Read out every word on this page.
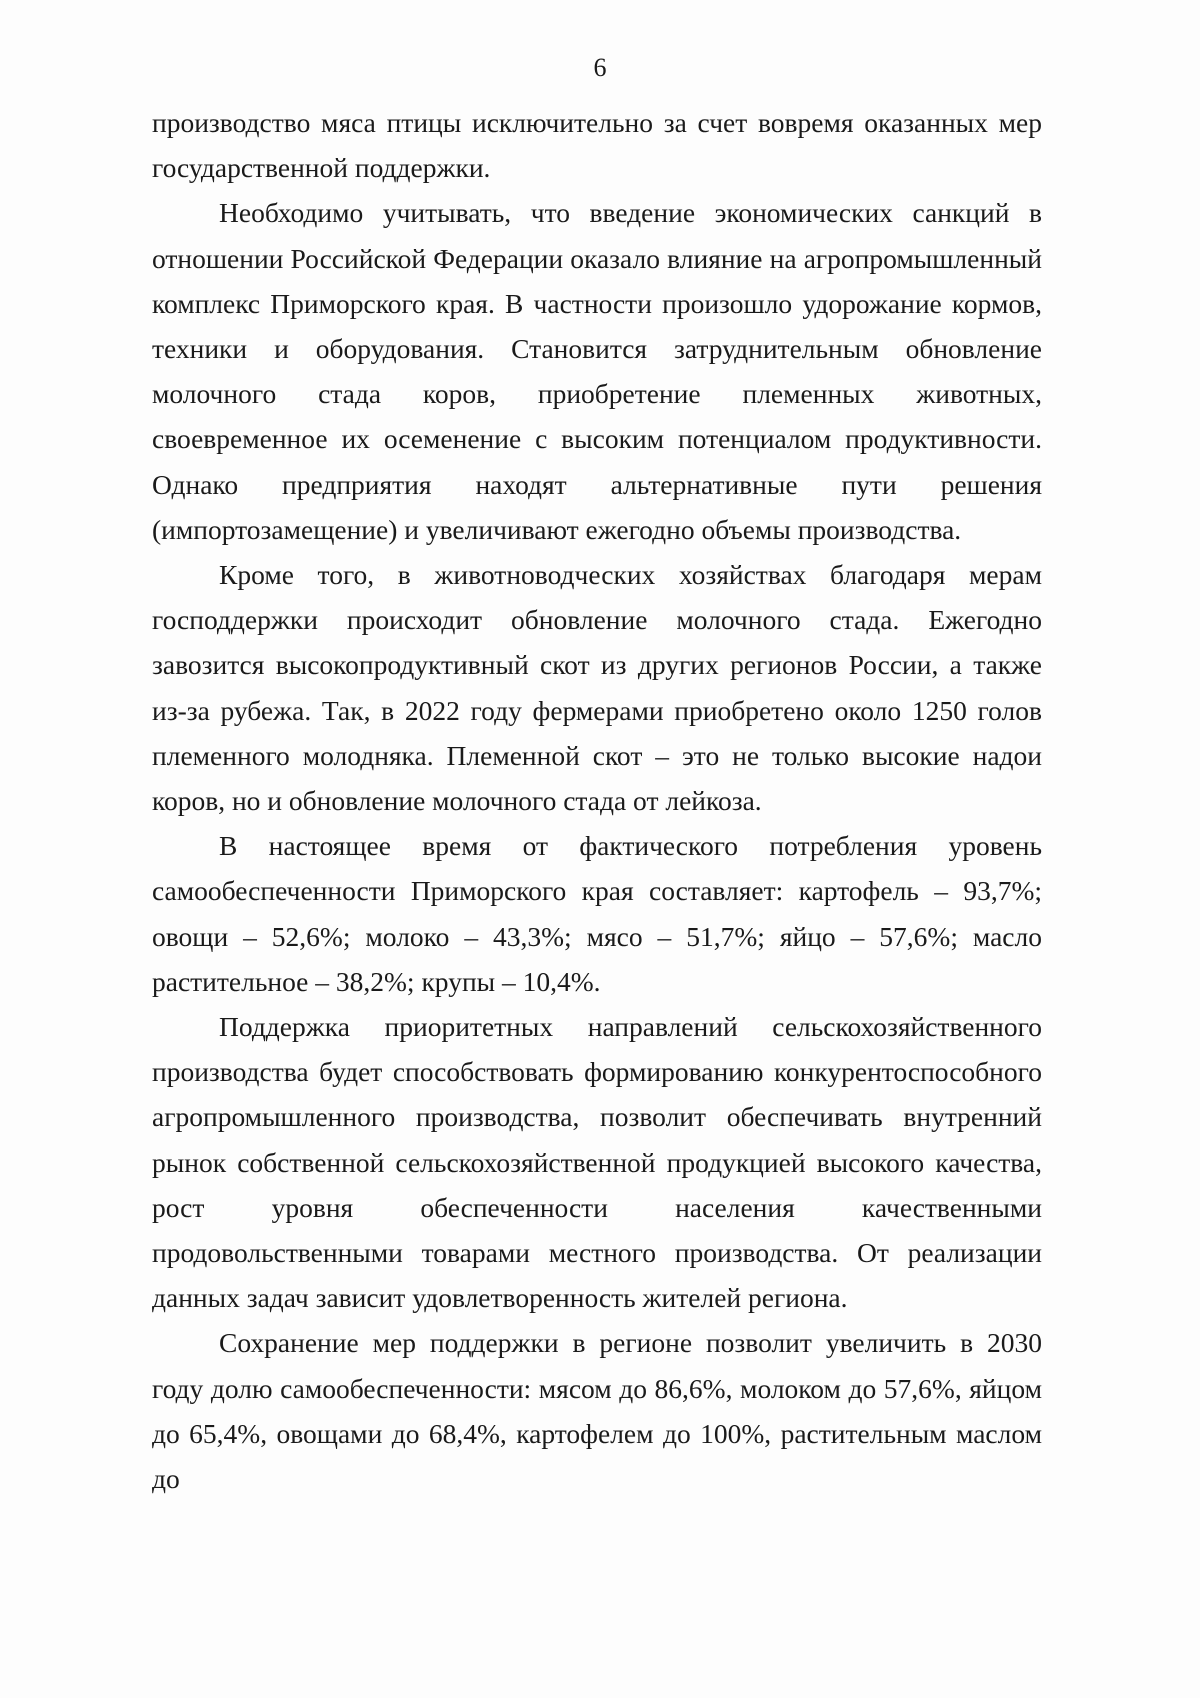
6

производство мяса птицы исключительно за счет вовремя оказанных мер государственной поддержки.

Необходимо учитывать, что введение экономических санкций в отношении Российской Федерации оказало влияние на агропромышленный комплекс Приморского края. В частности произошло удорожание кормов, техники и оборудования. Становится затруднительным обновление молочного стада коров, приобретение племенных животных, своевременное их осеменение с высоким потенциалом продуктивности. Однако предприятия находят альтернативные пути решения (импортозамещение) и увеличивают ежегодно объемы производства.

Кроме того, в животноводческих хозяйствах благодаря мерам господдержки происходит обновление молочного стада. Ежегодно завозится высокопродуктивный скот из других регионов России, а также из-за рубежа. Так, в 2022 году фермерами приобретено около 1250 голов племенного молодняка. Племенной скот – это не только высокие надои коров, но и обновление молочного стада от лейкоза.

В настоящее время от фактического потребления уровень самообеспеченности Приморского края составляет: картофель – 93,7%; овощи – 52,6%; молоко – 43,3%; мясо – 51,7%; яйцо – 57,6%; масло растительное – 38,2%; крупы – 10,4%.

Поддержка приоритетных направлений сельскохозяйственного производства будет способствовать формированию конкурентоспособного агропромышленного производства, позволит обеспечивать внутренний рынок собственной сельскохозяйственной продукцией высокого качества, рост уровня обеспеченности населения качественными продовольственными товарами местного производства. От реализации данных задач зависит удовлетворенность жителей региона.

Сохранение мер поддержки в регионе позволит увеличить в 2030 году долю самообеспеченности: мясом до 86,6%, молоком до 57,6%, яйцом до 65,4%, овощами до 68,4%, картофелем до 100%, растительным маслом до
